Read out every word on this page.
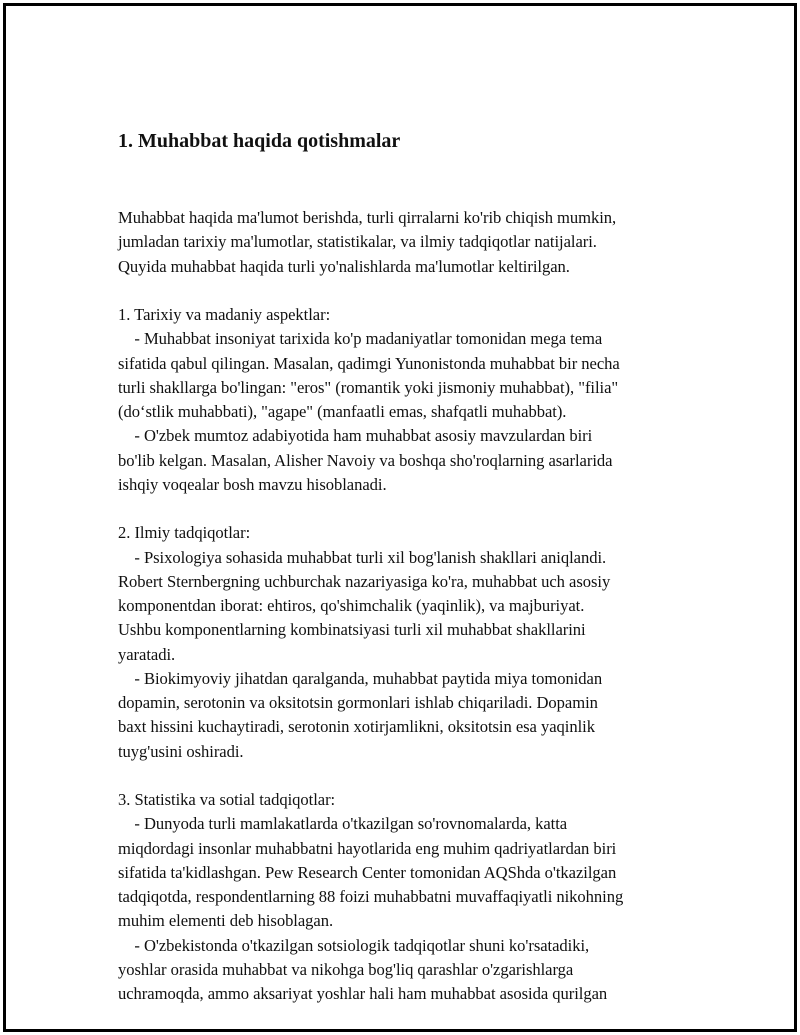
1. Muhabbat haqida qotishmalar

Muhabbat haqida ma'lumot berishda, turli qirralarni ko'rib chiqish mumkin,
jumladan tarixiy ma'lumotlar, statistikalar, va ilmiy tadqiqotlar natijalari.
Quyida muhabbat haqida turli yo'nalishlarda ma'lumotlar keltirilgan.
1. Tarixiy va madaniy aspektlar:
- Muhabbat insoniyat tarixida ko'p madaniyatlar tomonidan mega tema
sifatida qabul qilingan. Masalan, qadimgi Yunonistonda muhabbat bir necha
turli shakllarga bo'lingan: "eros" (romantik yoki jismoniy muhabbat), "filia"
(do‘stlik muhabbati), "agape" (manfaatli emas, shafqatli muhabbat).
- O'zbek mumtoz adabiyotida ham muhabbat asosiy mavzulardan biri
bo'lib kelgan. Masalan, Alisher Navoiy va boshqa sho'roqlarning asarlarida
ishqiy voqealar bosh mavzu hisoblanadi.
2. Ilmiy tadqiqotlar:
- Psixologiya sohasida muhabbat turli xil bog'lanish shakllari aniqlandi.
Robert Sternbergning uchburchak nazariyasiga ko'ra, muhabbat uch asosiy
komponentdan iborat: ehtiros, qo'shimchalik (yaqinlik), va majburiyat.
Ushbu komponentlarning kombinatsiyasi turli xil muhabbat shakllarini
yaratadi.
- Biokimyoviy jihatdan qaralganda, muhabbat paytida miya tomonidan
dopamin, serotonin va oksitotsin gormonlari ishlab chiqariladi. Dopamin
baxt hissini kuchaytiradi, serotonin xotirjamlikni, oksitotsin esa yaqinlik
tuyg'usini oshiradi.
3. Statistika va sotial tadqiqotlar:
- Dunyoda turli mamlakatlarda o'tkazilgan so'rovnomalarda, katta
miqdordagi insonlar muhabbatni hayotlarida eng muhim qadriyatlardan biri
sifatida ta'kidlashgan. Pew Research Center tomonidan AQShda o'tkazilgan
tadqiqotda, respondentlarning 88 foizi muhabbatni muvaffaqiyatli nikohning
muhim elementi deb hisoblagan.
- O'zbekistonda o'tkazilgan sotsiologik tadqiqotlar shuni ko'rsatadiki,
yoshlar orasida muhabbat va nikohga bog'liq qarashlar o'zgarishlarga
uchramoqda, ammo aksariyat yoshlar hali ham muhabbat asosida qurilgan
